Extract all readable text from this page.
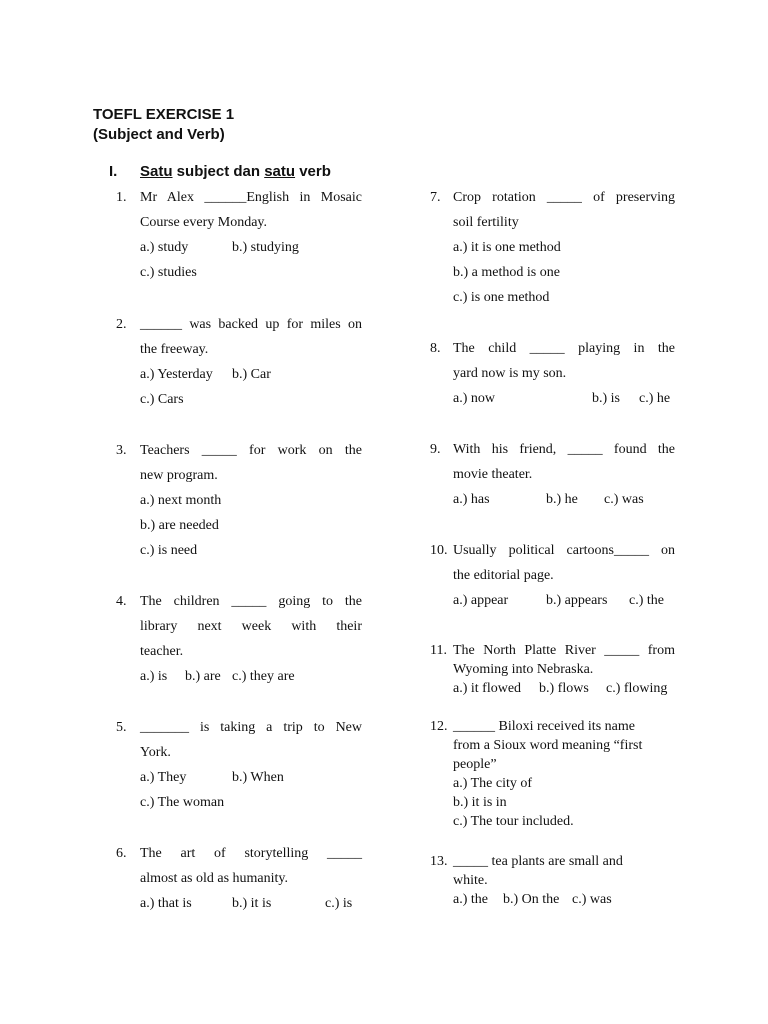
TOEFL EXERCISE 1
(Subject and Verb)
I. Satu subject dan satu verb
1. Mr Alex ______English in Mosaic
Course every Monday.
a.) study	b.) studying
c.) studies
2. ______ was backed up for miles on
the freeway.
a.) Yesterday b.) Car
c.) Cars
3. Teachers _____ for work on the
new program.
a.) next month
b.) are needed
c.) is need
4. The children _____ going to the
library next week with their
teacher.
a.) is b.) are c.) they are
5. _______ is taking a trip to New
York.
a.) They	b.) When
c.) The woman
6. The art of storytelling _____
almost as old as humanity.
a.) that is	b.) it is	c.) is
7. Crop rotation _____ of preserving
soil fertility
a.) it is one method
b.) a method is one
c.) is one method
8. The child _____ playing in the
yard now is my son.
a.) now	b.) is c.) he
9. With his friend, _____ found the
movie theater.
a.) has	b.) he c.) was
10. Usually political cartoons_____ on
the editorial page.
a.) appear	b.) appears c.) the
11. The North Platte River _____ from
Wyoming into Nebraska.
a.) it flowed b.) flows c.) flowing
12. ______ Biloxi received its name
from a Sioux word meaning “first
people”
a.) The city of
b.) it is in
c.) The tour included.
13. _____ tea plants are small and
white.
a.) the b.) On the c.) was
